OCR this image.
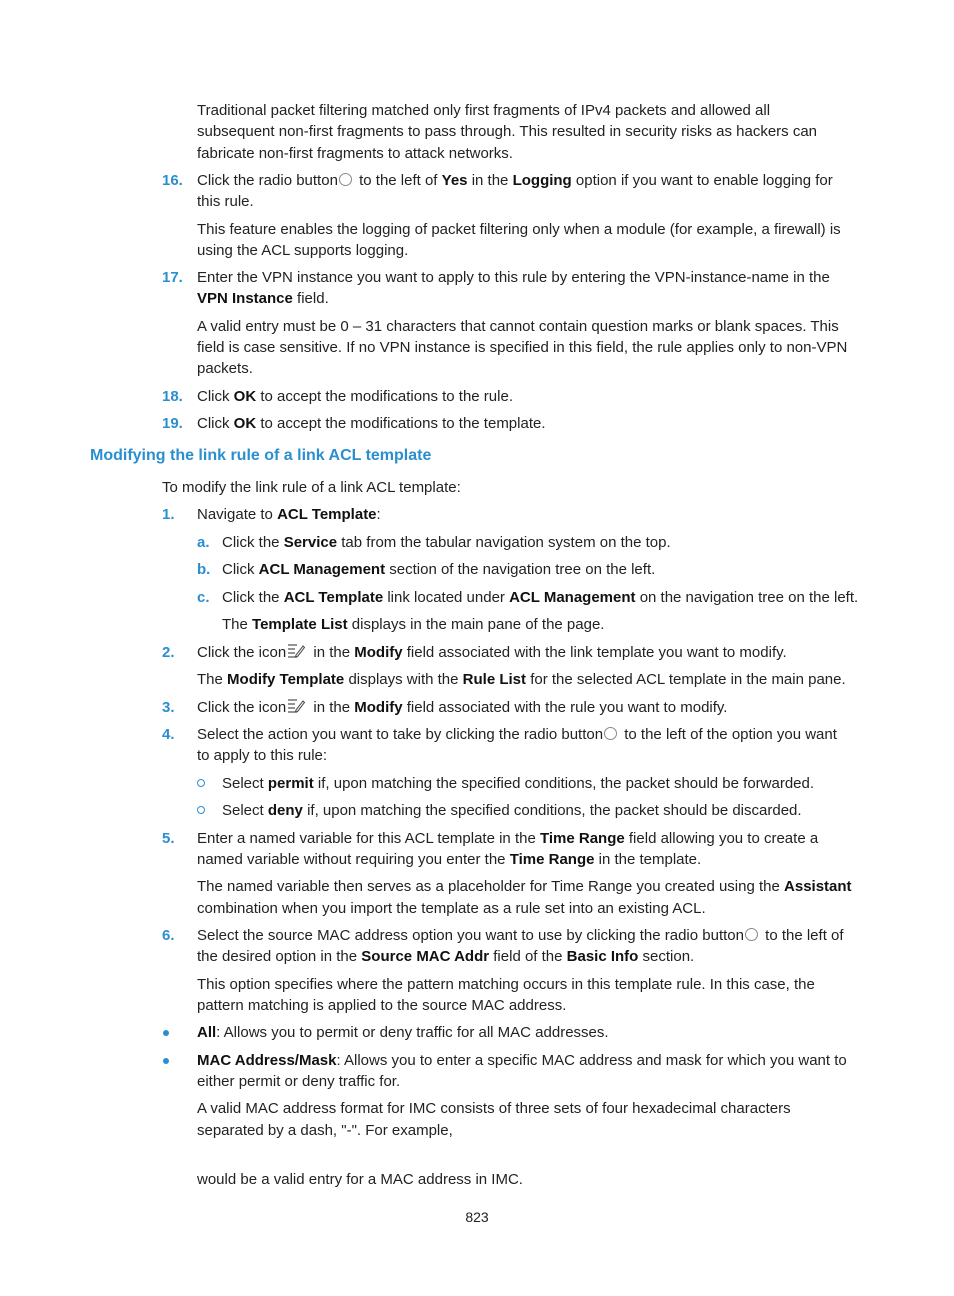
Traditional packet filtering matched only first fragments of IPv4 packets and allowed all
subsequent non-first fragments to pass through. This resulted in security risks as hackers can
fabricate non-first fragments to attack networks.
16. Click the radio button to the left of Yes in the Logging option if you want to enable logging for
this rule.
This feature enables the logging of packet filtering only when a module (for example, a firewall) is
using the ACL supports logging.
17. Enter the VPN instance you want to apply to this rule by entering the VPN-instance-name in the
VPN Instance field.
A valid entry must be 0 – 31 characters that cannot contain question marks or blank spaces. This
field is case sensitive. If no VPN instance is specified in this field, the rule applies only to non-VPN
packets.
18. Click OK to accept the modifications to the rule.
19. Click OK to accept the modifications to the template.
Modifying the link rule of a link ACL template
To modify the link rule of a link ACL template:
1. Navigate to ACL Template:
a. Click the Service tab from the tabular navigation system on the top.
b. Click ACL Management section of the navigation tree on the left.
c. Click the ACL Template link located under ACL Management on the navigation tree on the left.
The Template List displays in the main pane of the page.
2. Click the icon in the Modify field associated with the link template you want to modify.
The Modify Template displays with the Rule List for the selected ACL template in the main pane.
3. Click the icon in the Modify field associated with the rule you want to modify.
4. Select the action you want to take by clicking the radio button to the left of the option you want
to apply to this rule:
Select permit if, upon matching the specified conditions, the packet should be forwarded.
Select deny if, upon matching the specified conditions, the packet should be discarded.
5. Enter a named variable for this ACL template in the Time Range field allowing you to create a
named variable without requiring you enter the Time Range in the template.
The named variable then serves as a placeholder for Time Range you created using the Assistant
combination when you import the template as a rule set into an existing ACL.
6. Select the source MAC address option you want to use by clicking the radio button to the left of
the desired option in the Source MAC Addr field of the Basic Info section.
This option specifies where the pattern matching occurs in this template rule. In this case, the
pattern matching is applied to the source MAC address.
All: Allows you to permit or deny traffic for all MAC addresses.
MAC Address/Mask: Allows you to enter a specific MAC address and mask for which you want to
either permit or deny traffic for.
A valid MAC address format for IMC consists of three sets of four hexadecimal characters
separated by a dash, "-". For example,
would be a valid entry for a MAC address in IMC.
823
